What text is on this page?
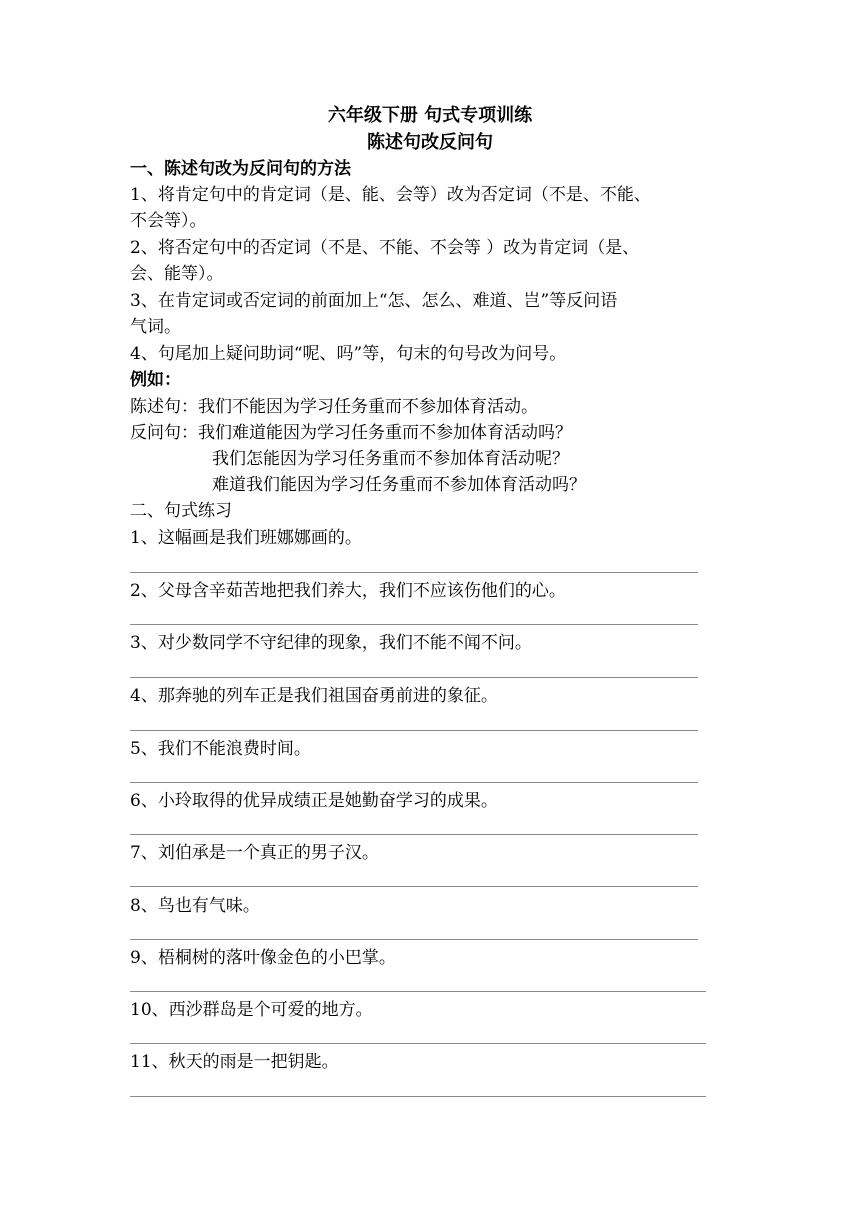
六年级下册 句式专项训练
陈述句改反问句
一、陈述句改为反问句的方法
1、将肯定句中的肯定词（是、能、会等）改为否定词（不是、不能、
不会等）。
2、将否定句中的否定词（不是、不能、不会等 ）改为肯定词（是、
会、能等）。
3、在肯定词或否定词的前面加上“怎、怎么、难道、岂”等反问语
气词。
4、句尾加上疑问助词“呢、吗”等，句末的句号改为问号。
例如：
陈述句：我们不能因为学习任务重而不参加体育活动。
反问句：我们难道能因为学习任务重而不参加体育活动吗？
我们怎能因为学习任务重而不参加体育活动呢？
难道我们能因为学习任务重而不参加体育活动吗？
二、句式练习
1、这幅画是我们班娜娜画的。
2、父母含辛茹苦地把我们养大，我们不应该伤他们的心。
3、对少数同学不守纪律的现象，我们不能不闻不问。
4、那奔驰的列车正是我们祖国奋勇前进的象征。
5、我们不能浪费时间。
6、小玲取得的优异成绩正是她勤奋学习的成果。
7、刘伯承是一个真正的男子汉。
8、鸟也有气味。
9、梧桐树的落叶像金色的小巴掌。
10、西沙群岛是个可爱的地方。
11、秋天的雨是一把钥匙。
